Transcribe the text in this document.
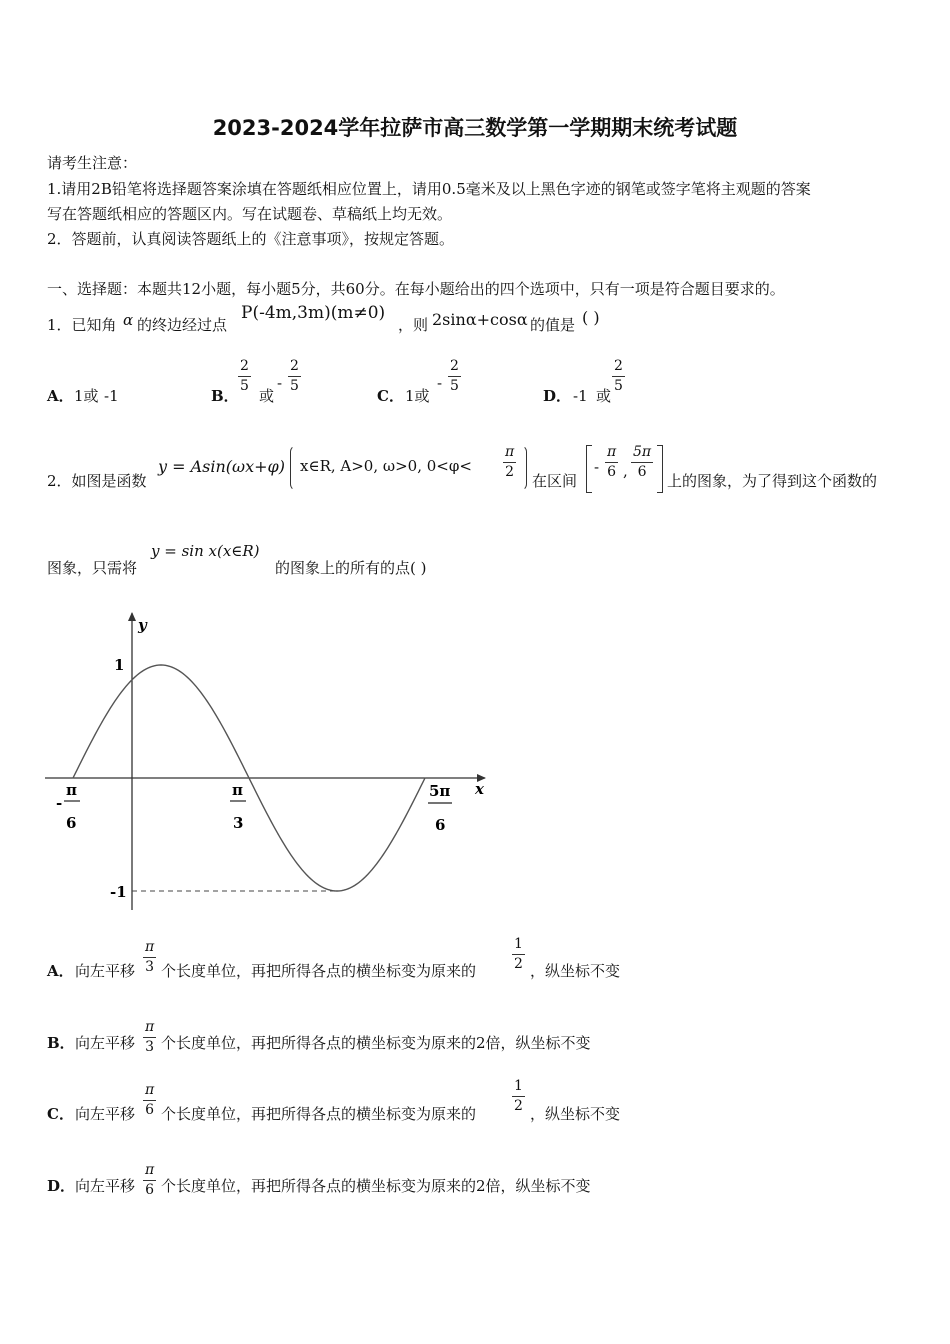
2023-2024学年拉萨市高三数学第一学期期末统考试题
请考生注意：
1.请用2B铅笔将选择题答案涂填在答题纸相应位置上，请用0.5毫米及以上黑色字迹的钢笔或签字笔将主观题的答案
写在答题纸相应的答题区内。写在试题卷、草稿纸上均无效。
2．答题前，认真阅读答题纸上的《注意事项》，按规定答题。
一、选择题：本题共12小题，每小题5分，共60分。在每小题给出的四个选项中，只有一项是符合题目要求的。
1．已知角 α 的终边经过点
P(-4m,3m)(m≠0)
，则 2sinα+cosα 的值是 ( )
A． 1或 -1	B．
$\frac{2}{5}$
或
- $\frac{2}{5}$
C． 1或
- $\frac{2}{5}$
D． -1 或
$\frac{2}{5}$
2．如图是函数
y = Asin(ωx+φ) x∈R, A>0, ω>0, $0<\varphi< \frac{\pi}{2}$
在区间
- $\frac{\pi}{6}$ , $\frac{5\pi}{6}$
上的图象，为了得到这个函数的
图象，只需将
y = sin x(x∈R)
的图象上的所有的点( )
y
x
1
-1
-
π
6
π
3
5π
6
A． 向左平移 $\frac{\pi}{3}$ 个长度单位，再把所得各点的横坐标变为原来的	$\frac{1}{2}$ ，纵坐标不变
B． 向左平移 $\frac{\pi}{3}$ 个长度单位，再把所得各点的横坐标变为原来的2倍，纵坐标不变
C． 向左平移 $\frac{\pi}{6}$ 个长度单位，再把所得各点的横坐标变为原来的	$\frac{1}{2}$ ，纵坐标不变
D． 向左平移 $\frac{\pi}{6}$ 个长度单位，再把所得各点的横坐标变为原来的2倍，纵坐标不变
